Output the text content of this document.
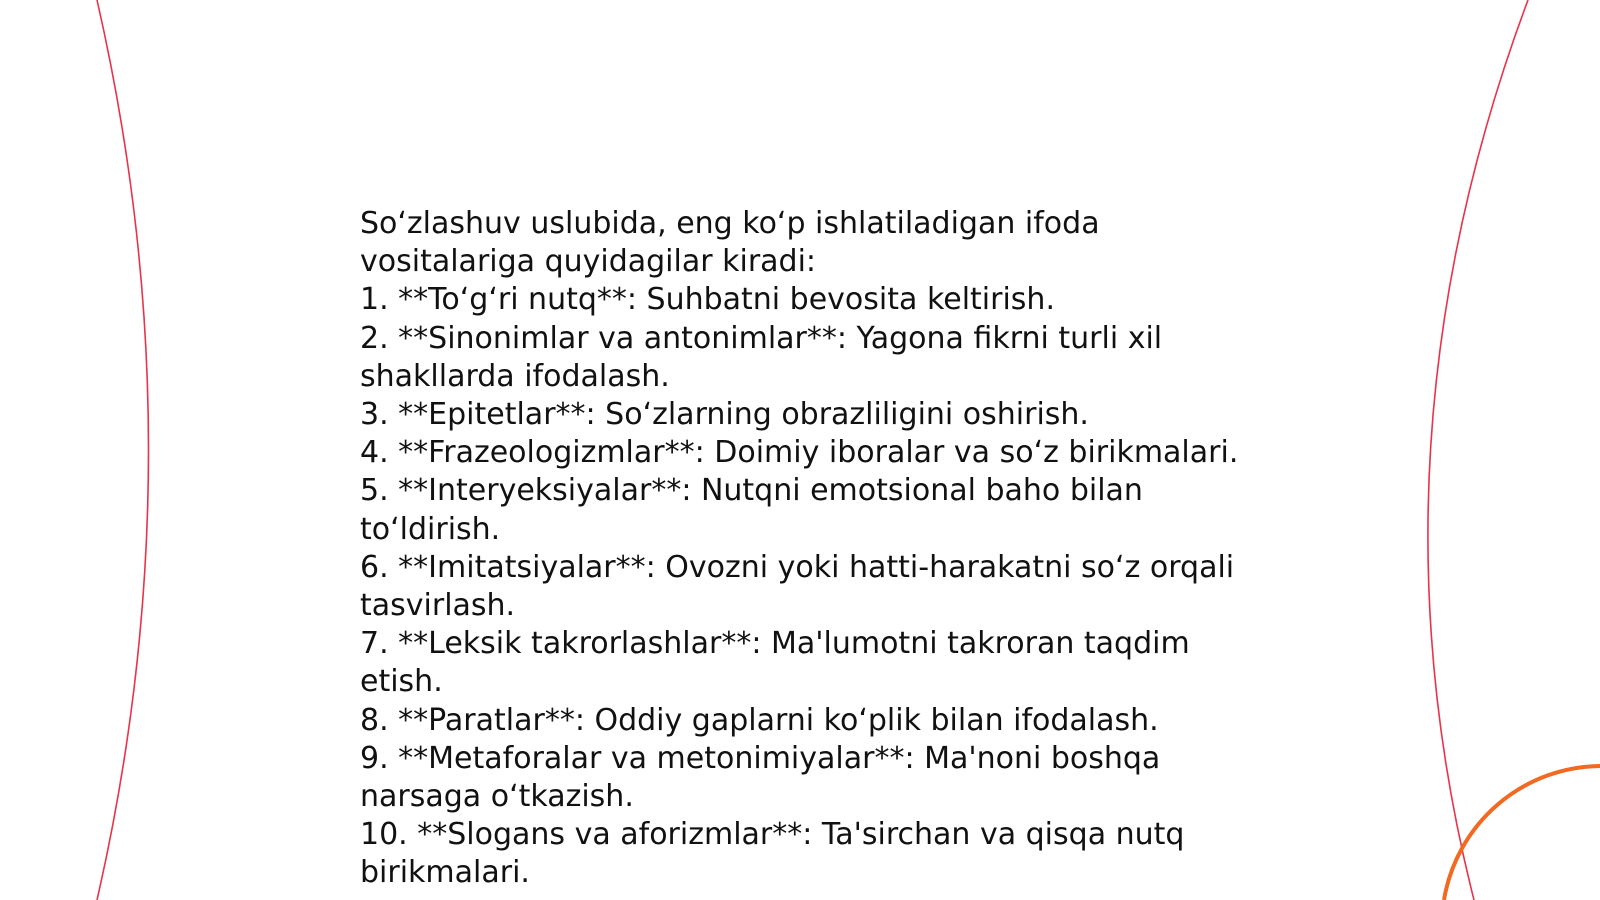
So‘zlashuv uslubida, eng ko‘p ishlatiladigan ifoda vositalariga quyidagilar kiradi:

1. **To‘g‘ri nutq**: Suhbatni bevosita keltirish.

2. **Sinonimlar va antonimlar**: Yagona fikrni turli xil shakllarda ifodalash.

3. **Epitetlar**: So‘zlarning obrazliligini oshirish.

4. **Frazeologizmlar**: Doimiy iboralar va so‘z birikmalari.

5. **Interyeksiyalar**: Nutqni emotsional baho bilan to‘ldirish.

6. **Imitatsiyalar**: Ovozni yoki hatti-harakatni so‘z orqali tasvirlash.

7. **Leksik takrorlashlar**: Ma'lumotni takroran taqdim etish.

8. **Paratlar**: Oddiy gaplarni ko‘plik bilan ifodalash.

9. **Metaforalar va metonimiyalar**: Ma'noni boshqa narsaga o‘tkazish.

10. **Slogans va aforizmlar**: Ta'sirchan va qisqa nutq birikmalari.
